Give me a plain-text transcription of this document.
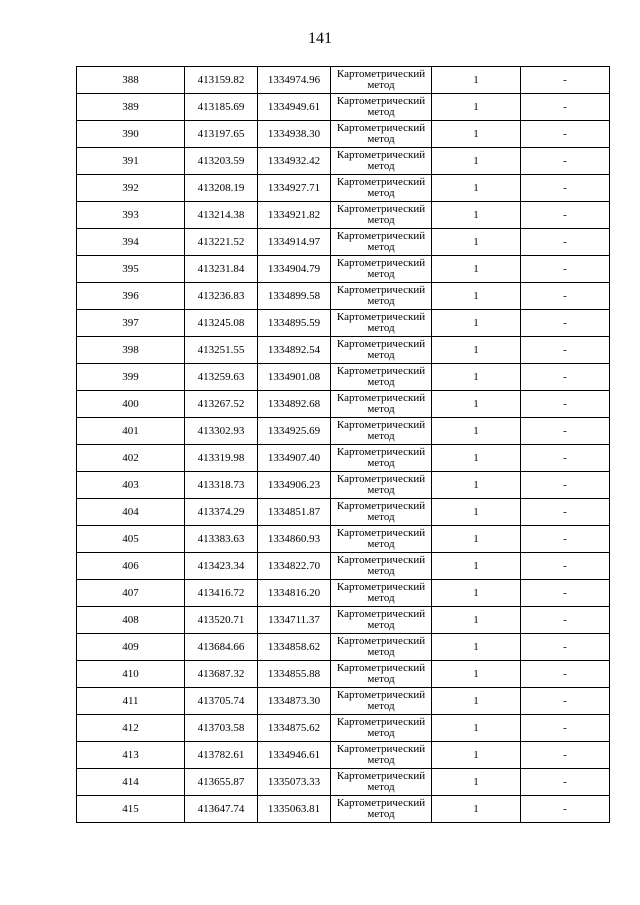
141
388	413159.82	1334974.96	Картометрический метод	1	-
389	413185.69	1334949.61	Картометрический метод	1	-
390	413197.65	1334938.30	Картометрический метод	1	-
391	413203.59	1334932.42	Картометрический метод	1	-
392	413208.19	1334927.71	Картометрический метод	1	-
393	413214.38	1334921.82	Картометрический метод	1	-
394	413221.52	1334914.97	Картометрический метод	1	-
395	413231.84	1334904.79	Картометрический метод	1	-
396	413236.83	1334899.58	Картометрический метод	1	-
397	413245.08	1334895.59	Картометрический метод	1	-
398	413251.55	1334892.54	Картометрический метод	1	-
399	413259.63	1334901.08	Картометрический метод	1	-
400	413267.52	1334892.68	Картометрический метод	1	-
401	413302.93	1334925.69	Картометрический метод	1	-
402	413319.98	1334907.40	Картометрический метод	1	-
403	413318.73	1334906.23	Картометрический метод	1	-
404	413374.29	1334851.87	Картометрический метод	1	-
405	413383.63	1334860.93	Картометрический метод	1	-
406	413423.34	1334822.70	Картометрический метод	1	-
407	413416.72	1334816.20	Картометрический метод	1	-
408	413520.71	1334711.37	Картометрический метод	1	-
409	413684.66	1334858.62	Картометрический метод	1	-
410	413687.32	1334855.88	Картометрический метод	1	-
411	413705.74	1334873.30	Картометрический метод	1	-
412	413703.58	1334875.62	Картометрический метод	1	-
413	413782.61	1334946.61	Картометрический метод	1	-
414	413655.87	1335073.33	Картометрический метод	1	-
415	413647.74	1335063.81	Картометрический метод	1	-
